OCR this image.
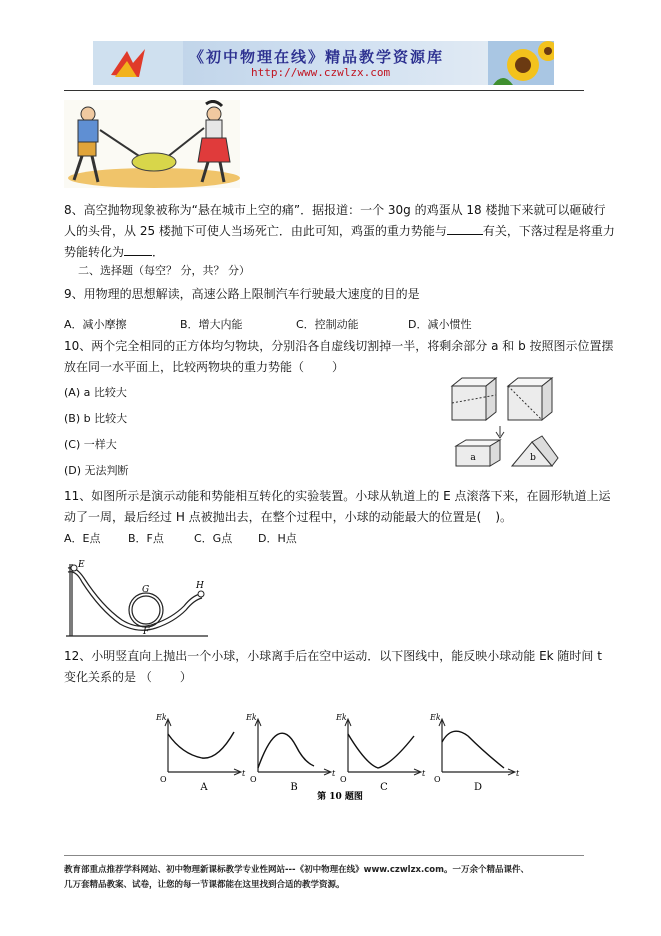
《初中物理在线》精品教学资源库
http://www.czwlzx.com
8、高空抛物现象被称为“悬在城市上空的痛”．据报道：一个 30g 的鸡蛋从 18 楼抛下来就可以砸破行
人的头骨，从 25 楼抛下可使人当场死亡．由此可知，鸡蛋的重力势能与	有关，下落过程是将重力
势能转化为 ．
二、选择题（每空？ 分，共？ 分）
9、用物理的思想解读，高速公路上限制汽车行驶最大速度的目的是
A．减小摩擦	B．增大内能	C．控制动能	D．减小惯性
10、两个完全相同的正方体均匀物块，分别沿各自虚线切割掉一半，将剩余部分 a 和 b 按照图示位置摆
放在同一水平面上，比较两物块的重力势能（ ）
(A) a 比较大
(B) b 比较大
(C) 一样大
(D) 无法判断
a	b
11、如图所示是演示动能和势能相互转化的实验装置。小球从轨道上的 E 点滚落下来，在圆形轨道上运
动了一周，最后经过 H 点被抛出去，在整个过程中，小球的动能最大的位置是( )。
A．E点	B．F点	C．G点 D．H点
E
G
F
H
12、小明竖直向上抛出一个小球，小球离手后在空中运动．以下图线中，能反映小球动能 Ek 随时间 t
变化关系的是 （ ）
Ek
t
O
A
Ek
t
O
B
Ek
t
O
C
Ek
t
O
D
第 10 题图
教育部重点推荐学科网站、初中物理新课标教学专业性网站---《初中物理在线》www.czwlzx.com。一万余个精品课件、
几万套精品教案、试卷，让您的每一节课都能在这里找到合适的教学资源。
